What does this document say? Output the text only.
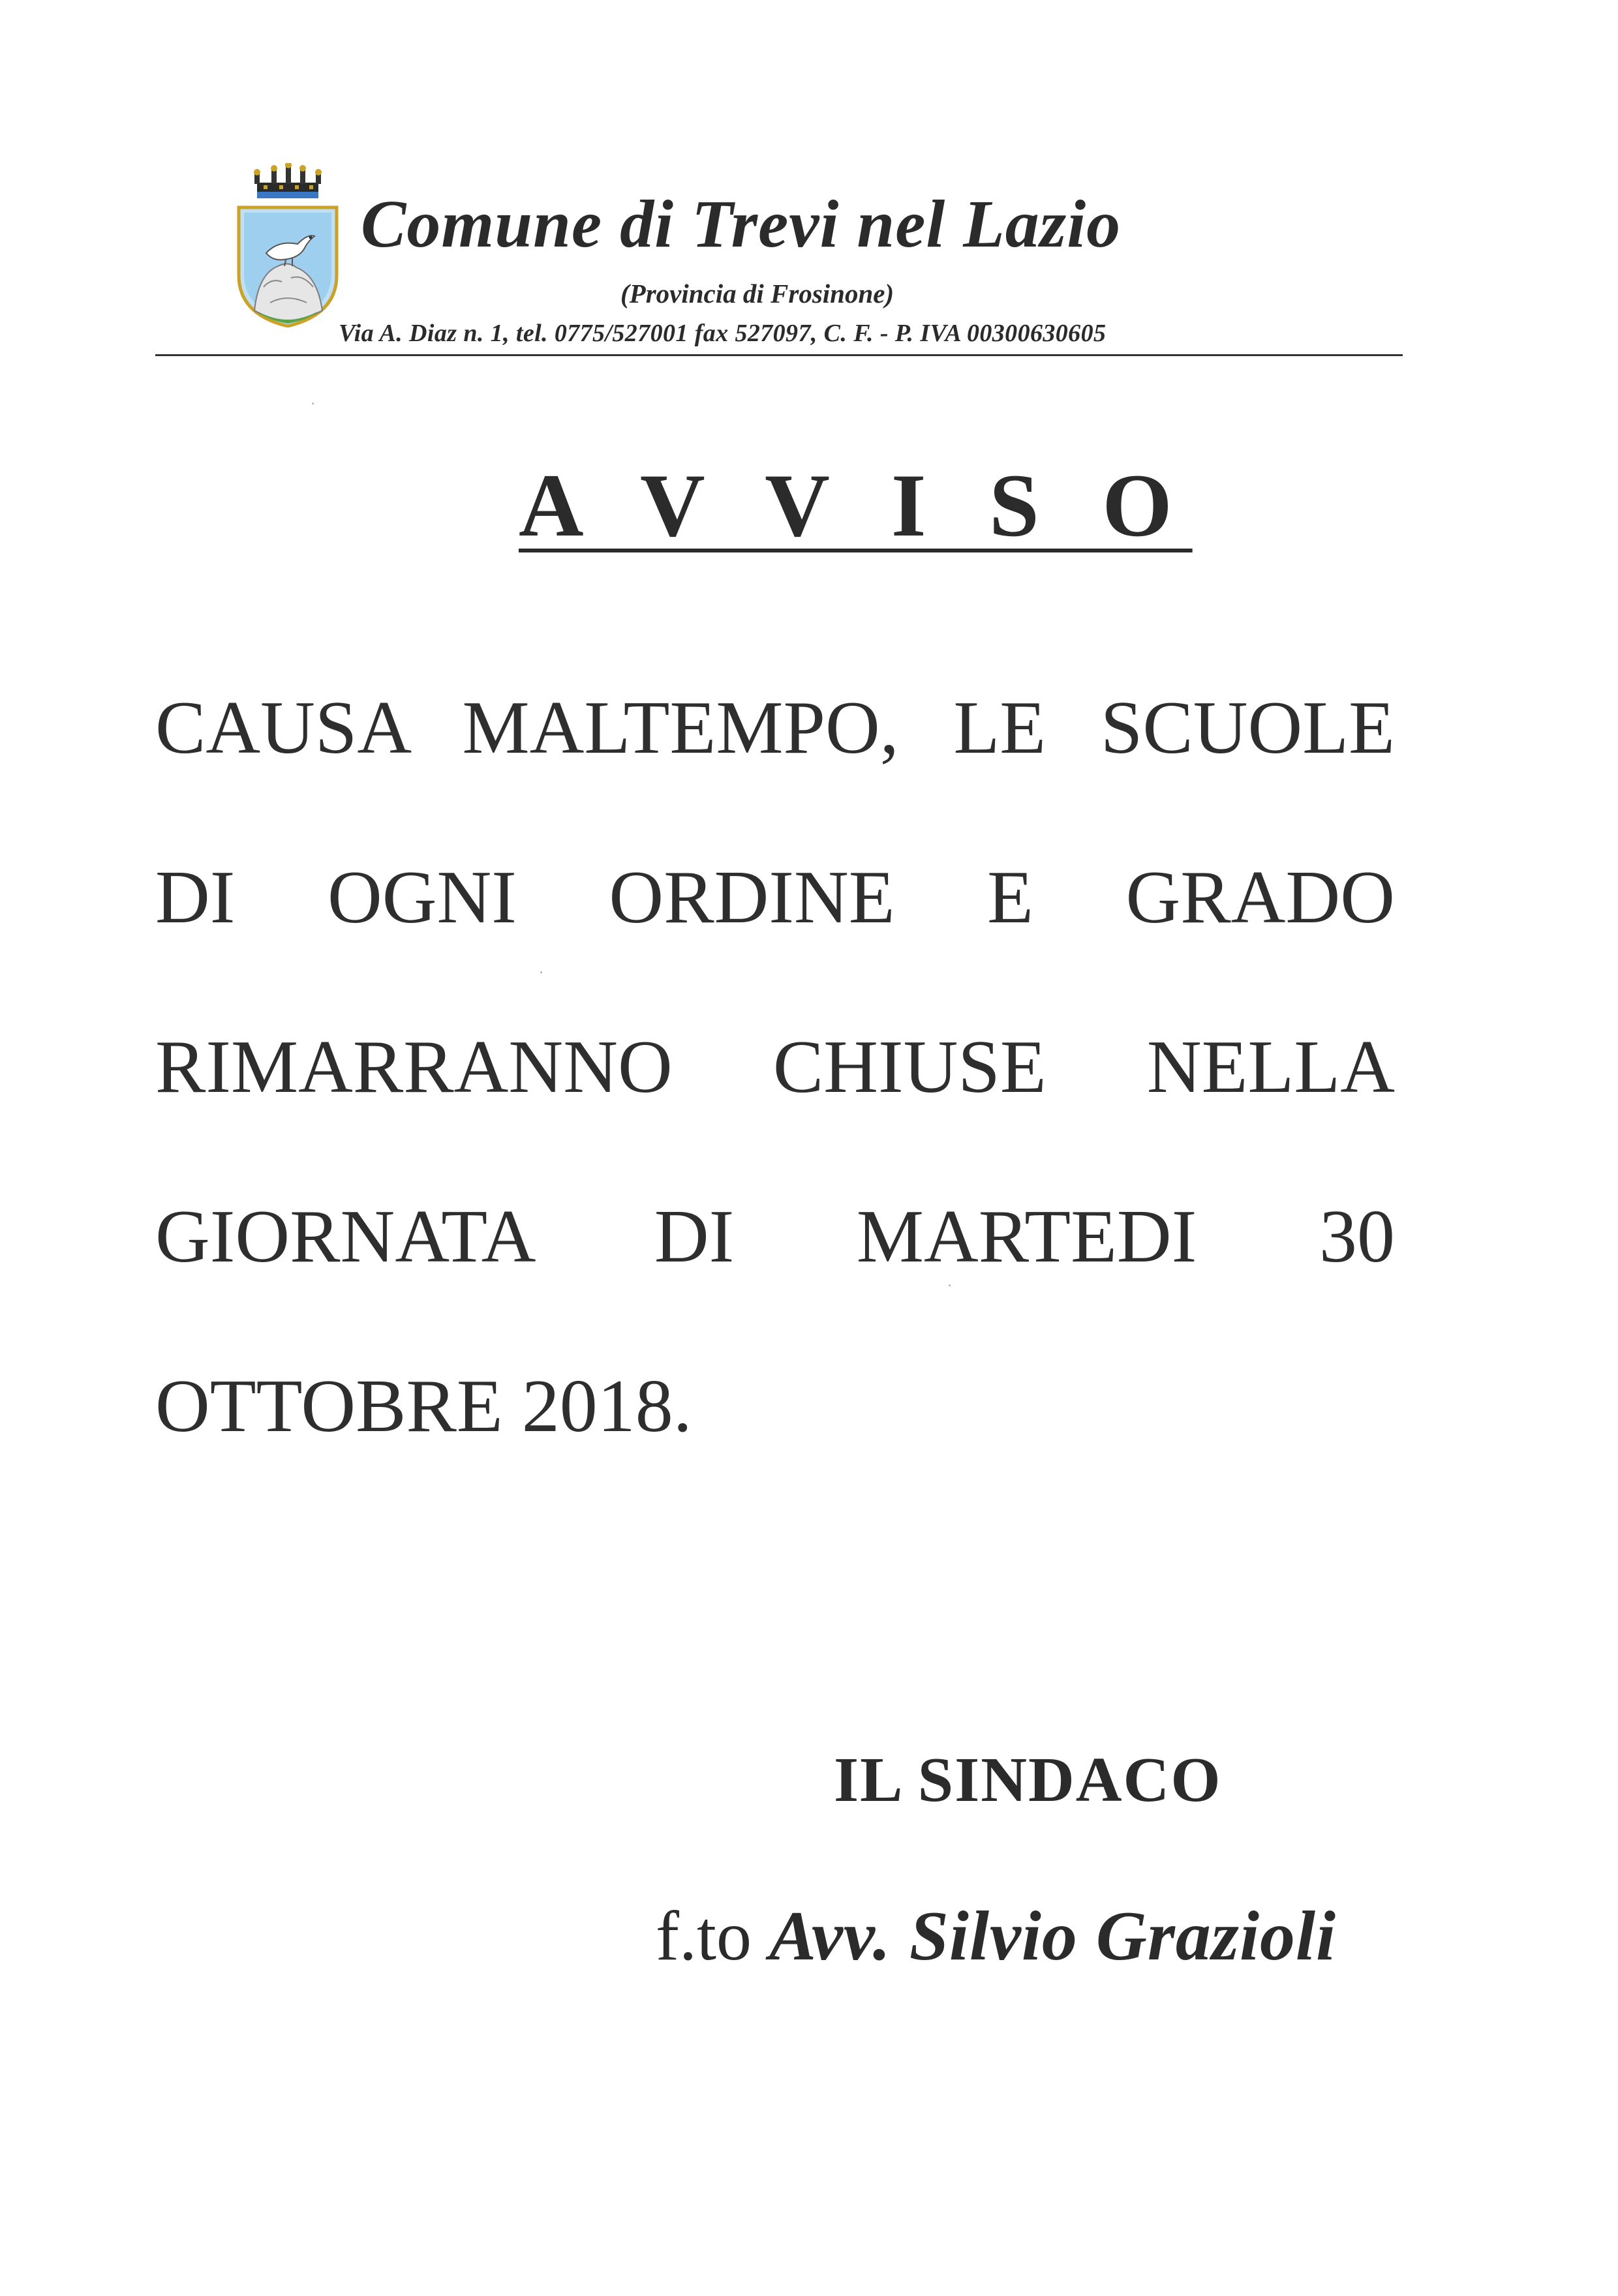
Comune di Trevi nel Lazio
(Provincia di Frosinone)
Via A. Diaz n. 1, tel. 0775/527001 fax 527097, C. F. - P. IVA 00300630605
A V V I S O
CAUSA MALTEMPO, LE SCUOLE
DI OGNI ORDINE E GRADO
RIMARRANNO CHIUSE NELLA
GIORNATA DI MARTEDI 30
OTTOBRE 2018.
IL SINDACO
f.to Avv. Silvio Grazioli
·
·
·
